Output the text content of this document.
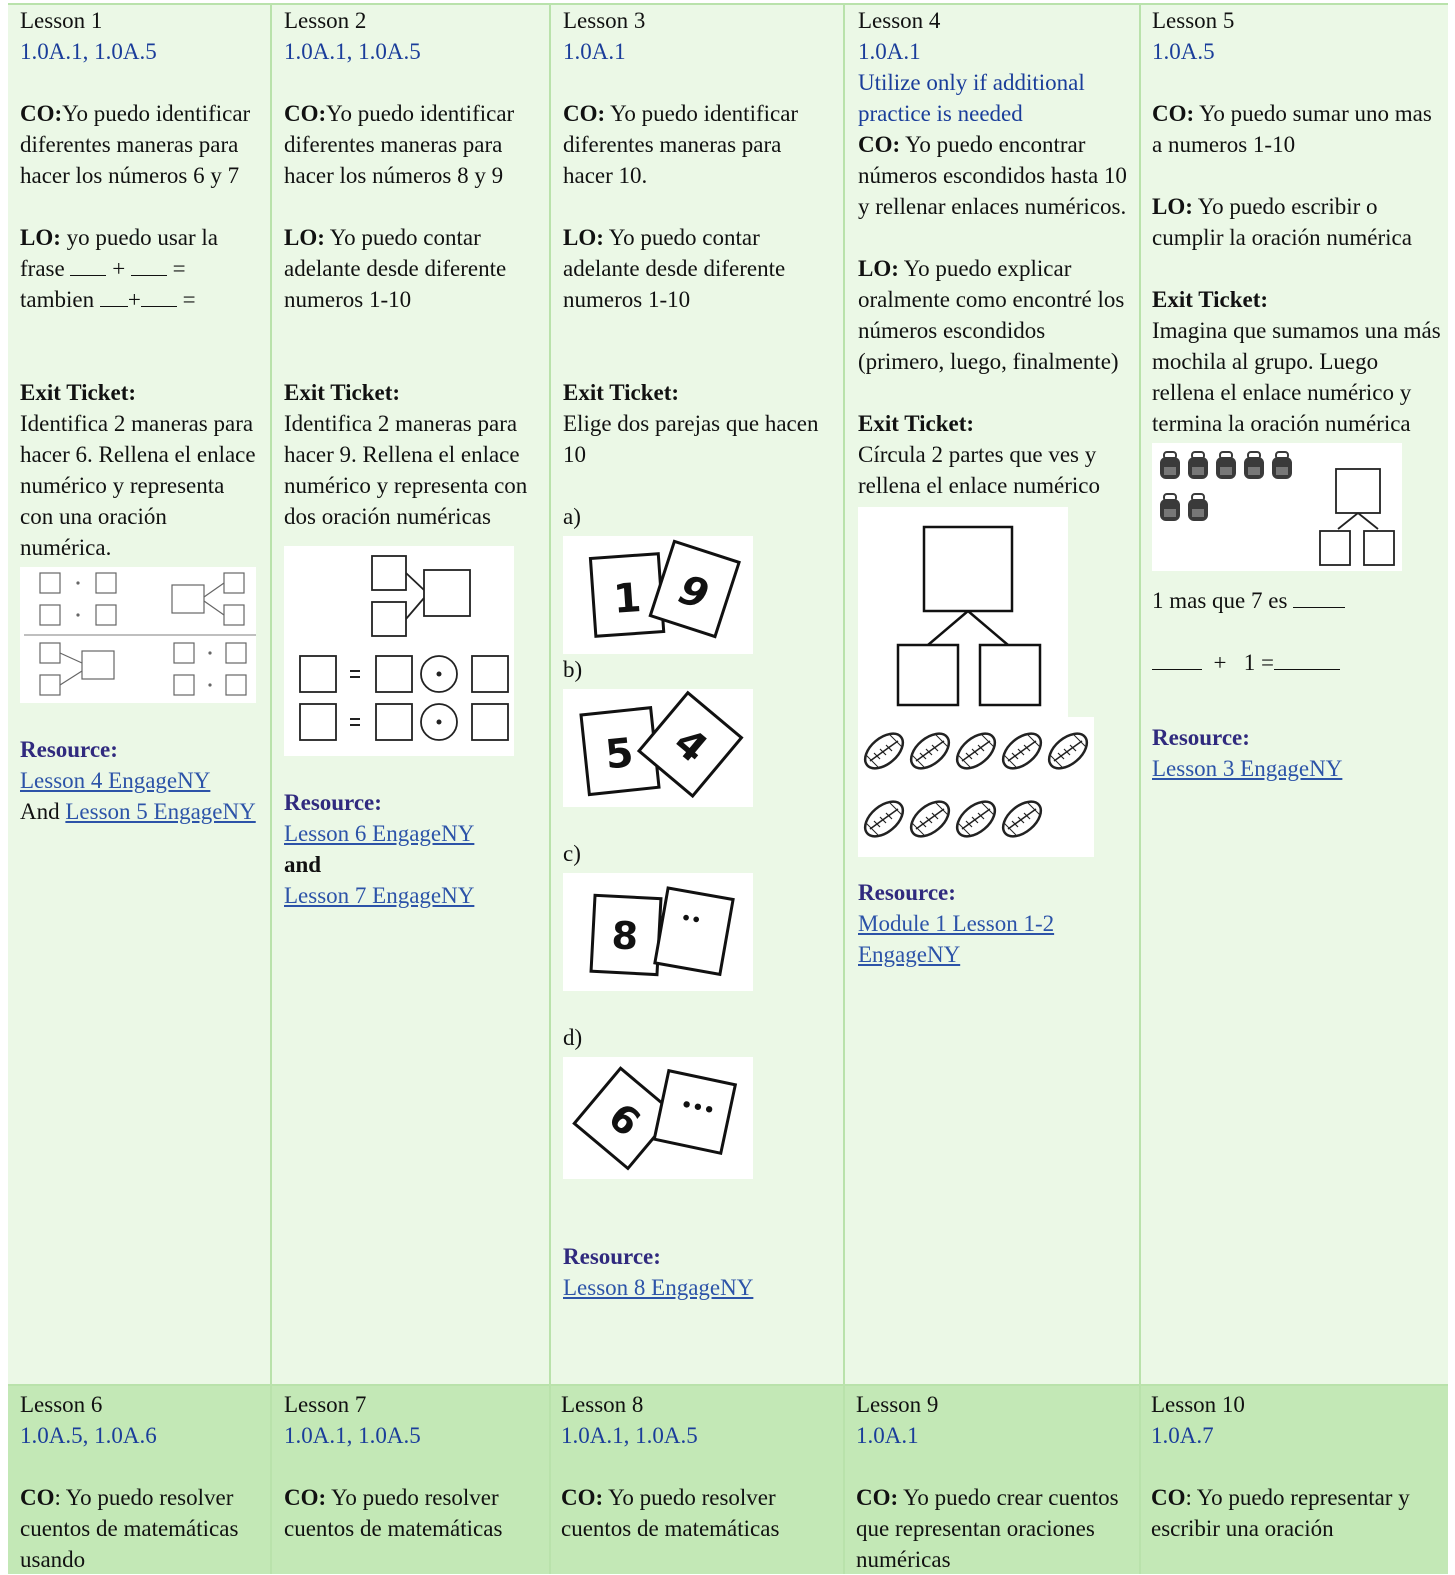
Lesson 1

1.0A.1, 1.0A.5

CO:Yo puedo identificar diferentes maneras para

hacer los números 6 y 7

LO: yo puedo usar la

frase  +  =

tambien + =

Exit Ticket:

Identifica 2 maneras para hacer 6. Rellena el enlace numérico y representa con una oración numérica.

Resource:

Lesson 4 EngageNY

And Lesson 5 EngageNY

Lesson 2

1.0A.1, 1.0A.5

CO:Yo puedo identificar diferentes maneras para

hacer los números 8 y 9

LO: Yo puedo contar adelante desde diferente numeros 1-10

Exit Ticket:

Identifica 2 maneras para hacer 9. Rellena el enlace numérico y representa con dos oración numéricas

Resource:

Lesson 6 EngageNY

and

Lesson 7 EngageNY

Lesson 3

1.0A.1

CO: Yo puedo identificar diferentes maneras para

hacer 10.

LO: Yo puedo contar adelante desde diferente numeros 1-10

Exit Ticket:

Elige dos parejas que hacen 10

a)

1 9

b)

5 4

c)

8	••

d)

6 •••

Resource:

Lesson 8 EngageNY

Lesson 4

1.0A.1

Utilize only if additional practice is needed

CO: Yo puedo encontrar números escondidos hasta 10 y rellenar enlaces numéricos.

LO: Yo puedo explicar oralmente como encontré los números escondidos (primero, luego, finalmente)

Exit Ticket:

Círcula 2 partes que ves y rellena el enlace numérico

Resource:

Module 1 Lesson 1-2 EngageNY

Lesson 5

1.0A.5

CO: Yo puedo sumar uno mas a numeros 1-10

LO: Yo puedo escribir o cumplir la oración numérica

Exit Ticket:

Imagina que sumamos una más mochila al grupo. Luego rellena el enlace numérico y termina la oración numérica

1 mas que 7 es

+ 1 =

Resource:

Lesson 3 EngageNY

Lesson 6

1.0A.5, 1.0A.6

CO: Yo puedo resolver cuentos de matemáticas usando

Lesson 7

1.0A.1, 1.0A.5

CO: Yo puedo resolver cuentos de matemáticas

Lesson 8

1.0A.1, 1.0A.5

CO: Yo puedo resolver cuentos de matemáticas

Lesson 9

1.0A.1

CO: Yo puedo crear cuentos que representan oraciones numéricas

Lesson 10

1.0A.7

CO: Yo puedo representar y escribir una oración
